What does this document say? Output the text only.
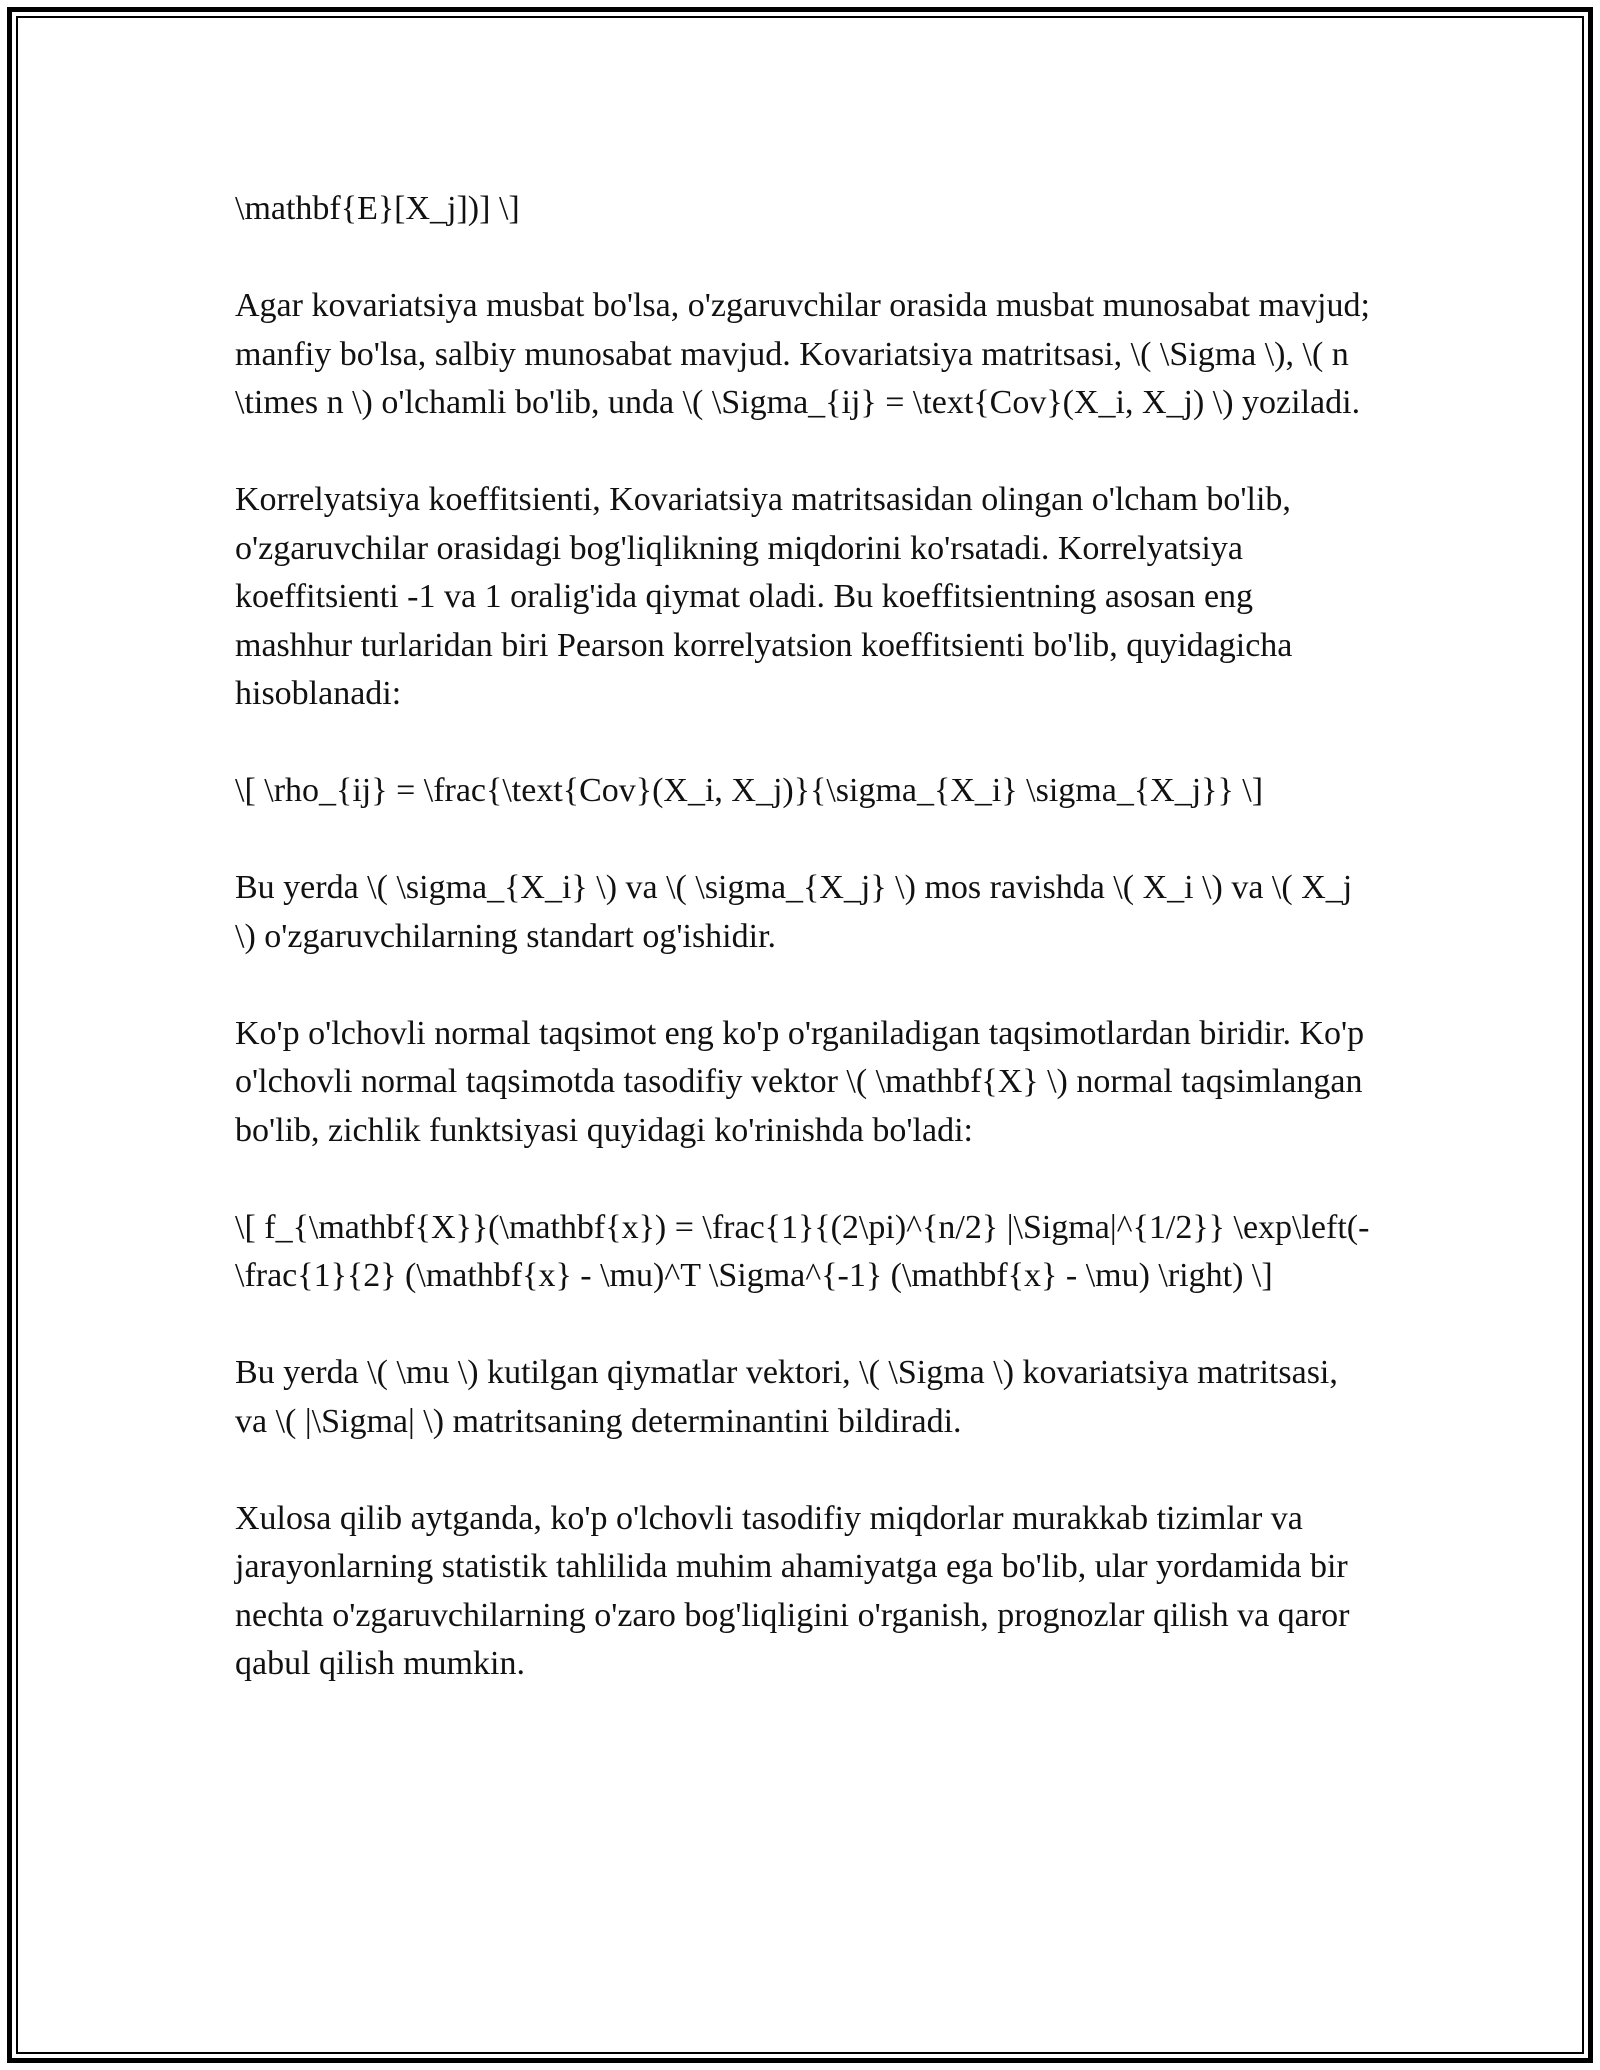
\mathbf{E}[X_j])] \]

Agar kovariatsiya musbat bo'lsa, o'zgaruvchilar orasida musbat munosabat mavjud; manfiy bo'lsa, salbiy munosabat mavjud. Kovariatsiya matritsasi, \( \Sigma \), \( n \times n \) o'lchamli bo'lib, unda \( \Sigma_{ij} = \text{Cov}(X_i, X_j) \) yoziladi.

Korrelyatsiya koeffitsienti, Kovariatsiya matritsasidan olingan o'lcham bo'lib, o'zgaruvchilar orasidagi bog'liqlikning miqdorini ko'rsatadi. Korrelyatsiya koeffitsienti -1 va 1 oralig'ida qiymat oladi. Bu koeffitsientning asosan eng mashhur turlaridan biri Pearson korrelyatsion koeffitsienti bo'lib, quyidagicha hisoblanadi:

\[ \rho_{ij} = \frac{\text{Cov}(X_i, X_j)}{\sigma_{X_i} \sigma_{X_j}} \]

Bu yerda \( \sigma_{X_i} \) va \( \sigma_{X_j} \) mos ravishda \( X_i \) va \( X_j \) o'zgaruvchilarning standart og'ishidir.

Ko'p o'lchovli normal taqsimot eng ko'p o'rganiladigan taqsimotlardan biridir. Ko'p o'lchovli normal taqsimotda tasodifiy vektor \( \mathbf{X} \) normal taqsimlangan bo'lib, zichlik funktsiyasi quyidagi ko'rinishda bo'ladi:

\[ f_{\mathbf{X}}(\mathbf{x}) = \frac{1}{(2\pi)^{n/2} |\Sigma|^{1/2}} \exp\left(-\frac{1}{2} (\mathbf{x} - \mu)^T \Sigma^{-1} (\mathbf{x} - \mu) \right) \]

Bu yerda \( \mu \) kutilgan qiymatlar vektori, \( \Sigma \) kovariatsiya matritsasi, va \( |\Sigma| \) matritsaning determinantini bildiradi.

Xulosa qilib aytganda, ko'p o'lchovli tasodifiy miqdorlar murakkab tizimlar va jarayonlarning statistik tahlilida muhim ahamiyatga ega bo'lib, ular yordamida bir nechta o'zgaruvchilarning o'zaro bog'liqligini o'rganish, prognozlar qilish va qaror qabul qilish mumkin.
